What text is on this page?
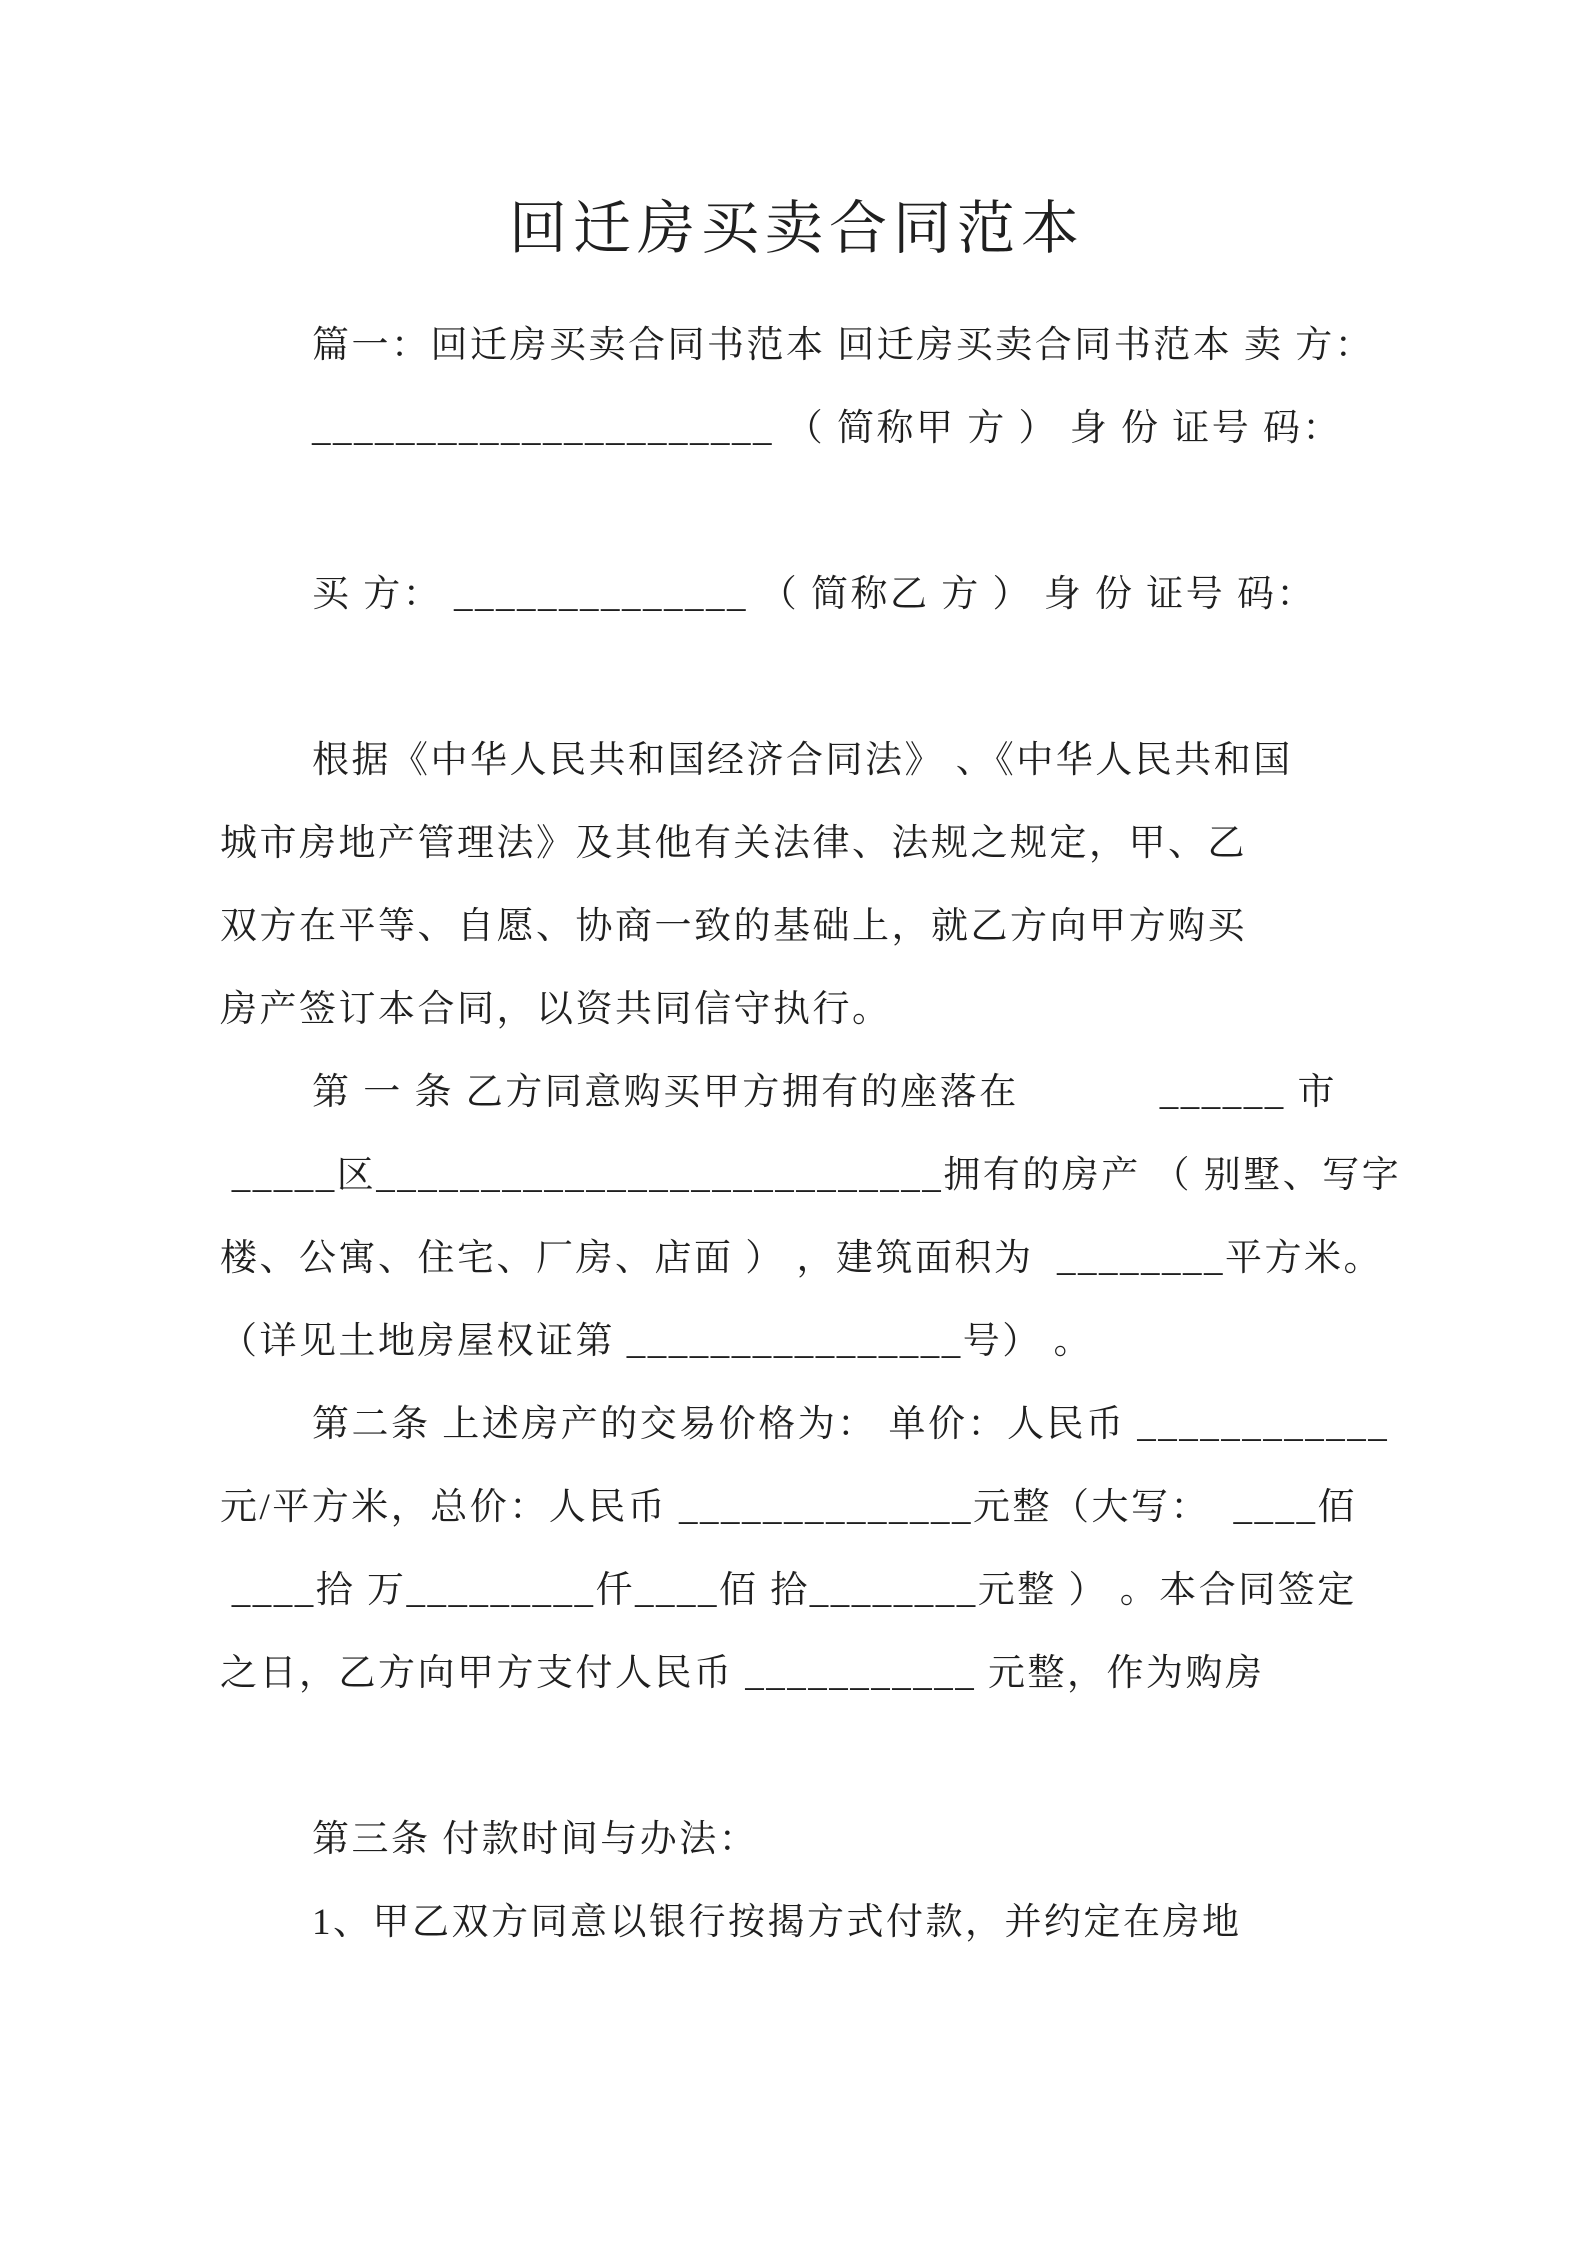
回迁房买卖合同范本

篇一：回迁房买卖合同书范本 回迁房买卖合同书范本 卖 方：

______________________ （ 简称甲 方 ） 身 份 证号 码：

买 方： ______________ （ 简称乙 方 ） 身 份 证号 码：

根据《中华人民共和国经济合同法》 、《中华人民共和国

城市房地产管理法》及其他有关法律、法规之规定，甲、乙

双方在平等、自愿、协商一致的基础上，就乙方向甲方购买

房产签订本合同，以资共同信守执行。

第 一 条 乙方同意购买甲方拥有的座落在            ______ 市

_____区___________________________拥有的房产 （ 别墅、写字

楼、公寓、住宅、厂房、店面 ） ，建筑面积为  ________平方米。

（详见土地房屋权证第 ________________号） 。

第二条 上述房产的交易价格为： 单价：人民币 ____________

元/平方米，总价：人民币 ______________元整（大写：  ____佰

____拾 万_________仟____佰 拾________元整 ） 。本合同签定

之日，乙方向甲方支付人民币 ___________ 元整，作为购房

第三条 付款时间与办法：

1、甲乙双方同意以银行按揭方式付款，并约定在房地
